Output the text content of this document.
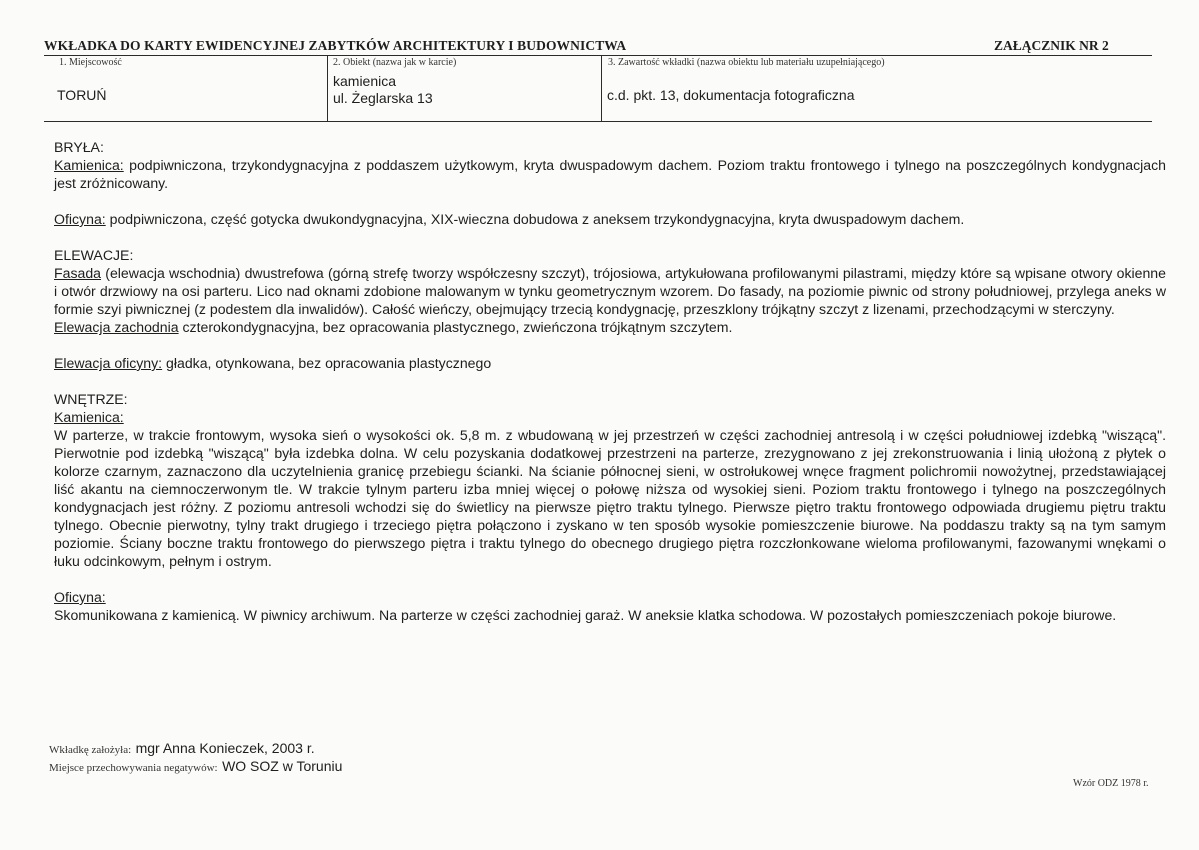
WKŁADKA DO KARTY EWIDENCYJNEJ ZABYTKÓW ARCHITEKTURY I BUDOWNICTWA	ZAŁĄCZNIK NR 2
1. Miejscowość
TORUŃ
2. Obiekt (nazwa jak w karcie)
kamienica
ul. Żeglarska 13
3. Zawartość wkładki (nazwa obiektu lub materiału uzupełniającego)
c.d. pkt. 13, dokumentacja fotograficzna

BRYŁA:

Kamienica: podpiwniczona, trzykondygnacyjna z poddaszem użytkowym, kryta dwuspadowym dachem. Poziom traktu frontowego i tylnego na poszczególnych kondygnacjach jest zróżnicowany.

Oficyna: podpiwniczona, część gotycka dwukondygnacyjna, XIX-wieczna dobudowa z aneksem trzykondygnacyjna, kryta dwuspadowym dachem.

ELEWACJE:

Fasada (elewacja wschodnia) dwustrefowa (górną strefę tworzy współczesny szczyt), trójosiowa, artykułowana profilowanymi pilastrami, między które są wpisane otwory okienne i otwór drzwiowy na osi parteru. Lico nad oknami zdobione malowanym w tynku geometrycznym wzorem. Do fasady, na poziomie piwnic od strony południowej, przylega aneks w formie szyi piwnicznej (z podestem dla inwalidów). Całość wieńczy, obejmujący trzecią kondygnację, przeszklony trójkątny szczyt z lizenami, przechodzącymi w sterczyny.

Elewacja zachodnia czterokondygnacyjna, bez opracowania plastycznego, zwieńczona trójkątnym szczytem.

Elewacja oficyny: gładka, otynkowana, bez opracowania plastycznego

WNĘTRZE:

Kamienica:

W parterze, w trakcie frontowym, wysoka sień o wysokości ok. 5,8 m. z wbudowaną w jej przestrzeń w części zachodniej antresolą i w części południowej izdebką "wiszącą". Pierwotnie pod izdebką "wiszącą" była izdebka dolna. W celu pozyskania dodatkowej przestrzeni na parterze, zrezygnowano z jej zrekonstruowania i linią ułożoną z płytek o kolorze czarnym, zaznaczono dla uczytelnienia granicę przebiegu ścianki. Na ścianie północnej sieni, w ostrołukowej wnęce fragment polichromii nowożytnej, przedstawiającej liść akantu na ciemnoczerwonym tle. W trakcie tylnym parteru izba mniej więcej o połowę niższa od wysokiej sieni. Poziom traktu frontowego i tylnego na poszczególnych kondygnacjach jest różny. Z poziomu antresoli wchodzi się do świetlicy na pierwsze piętro traktu tylnego. Pierwsze piętro traktu frontowego odpowiada drugiemu piętru traktu tylnego. Obecnie pierwotny, tylny trakt drugiego i trzeciego piętra połączono i zyskano w ten sposób wysokie pomieszczenie biurowe. Na poddaszu trakty są na tym samym poziomie. Ściany boczne traktu frontowego do pierwszego piętra i traktu tylnego do obecnego drugiego piętra rozczłonkowane wieloma profilowanymi, fazowanymi wnękami o łuku odcinkowym, pełnym i ostrym.

Oficyna:

Skomunikowana z kamienicą. W piwnicy archiwum. Na parterze w części zachodniej garaż. W aneksie klatka schodowa. W pozostałych pomieszczeniach pokoje biurowe.

Wkładkę założyła: mgr Anna Konieczek, 2003 r.
Miejsce przechowywania negatywów: WO SOZ w Toruniu
Wzór ODZ 1978 r.
